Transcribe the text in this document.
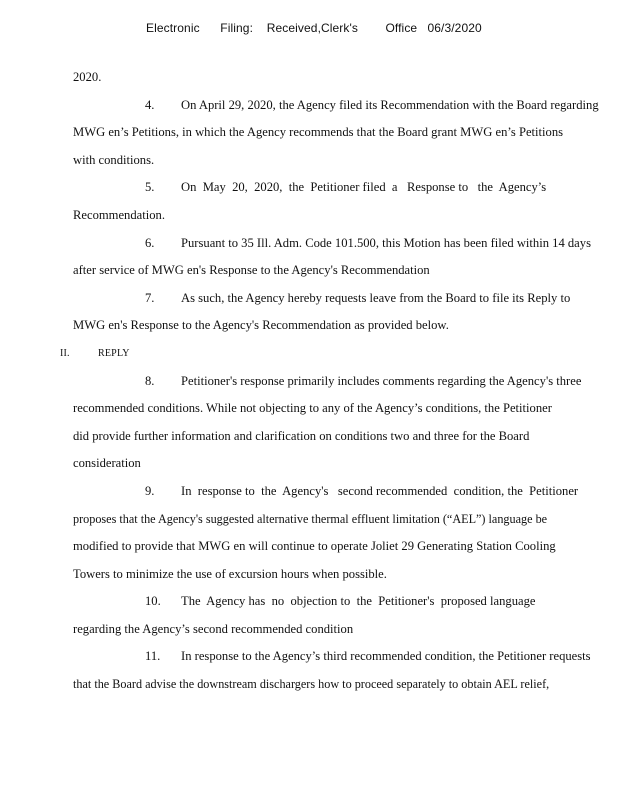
Electronic      Filing:    Received,Clerk's        Office   06/3/2020
2020.
4. On April 29, 2020, the Agency filed its Recommendation with the Board regarding
MWG en’s Petitions, in which the Agency recommends that the Board grant MWG en’s Petitions
with conditions.
5. On  May  20,  2020,  the  Petitioner filed  a   Response to   the  Agency’s
Recommendation.
6. Pursuant to 35 Ill. Adm. Code 101.500, this Motion has been filed within 14 days
after service of MWG en's Response to the Agency's Recommendation
7. As such, the Agency hereby requests leave from the Board to file its Reply to
MWG en's Response to the Agency's Recommendation as provided below.
II.	REPLY
8. Petitioner's response primarily includes comments regarding the Agency's three
recommended conditions. While not objecting to any of the Agency’s conditions, the Petitioner
did provide further information and clarification on conditions two and three for the Board
consideration
9. In  response to  the  Agency's   second recommended  condition, the  Petitioner
proposes that the Agency's suggested alternative thermal effluent limitation (“AEL”) language be
modified to provide that MWG en will continue to operate Joliet 29 Generating Station Cooling
Towers to minimize the use of excursion hours when possible.
10. The  Agency has  no  objection to  the  Petitioner's  proposed language
regarding the Agency’s second recommended condition
11. In response to the Agency’s third recommended condition, the Petitioner requests
that the Board advise the downstream dischargers how to proceed separately to obtain AEL relief,
